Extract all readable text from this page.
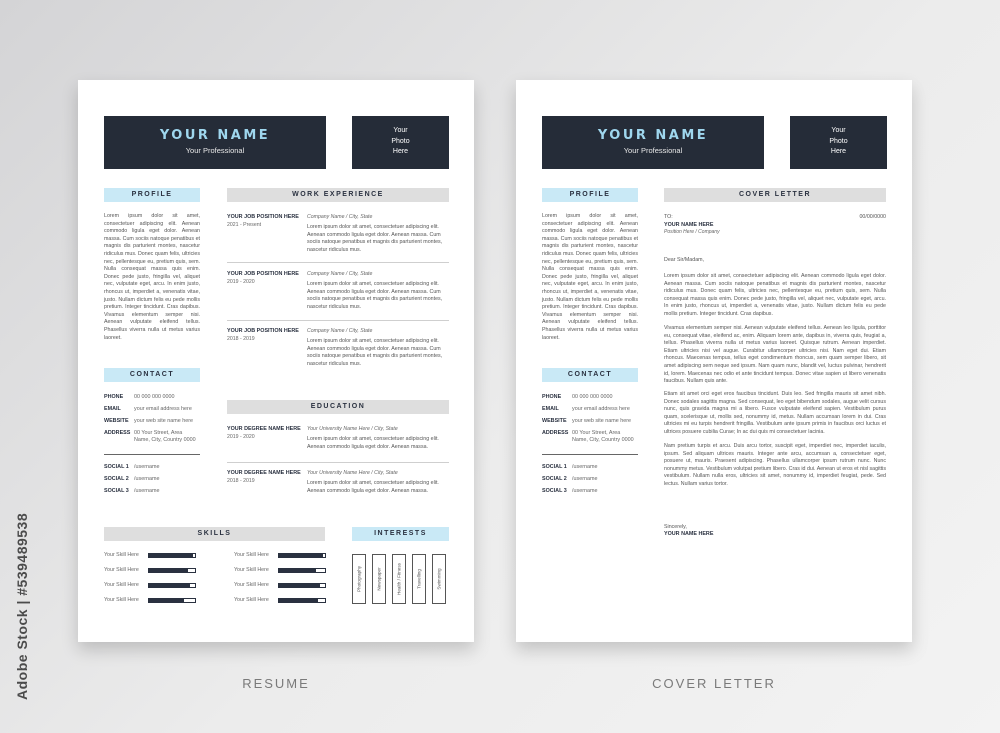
Adobe Stock | #539489538
YOUR NAME
Your Professional
Your
Photo
Here
PROFILE
Lorem ipsum dolor sit amet, consectetuer adipiscing elit. Aenean commodo ligula eget dolor. Aenean massa. Cum sociis natoque penatibus et magnis dis parturient montes, nascetur ridiculus mus. Donec quam felis, ultricies nec, pellentesque eu, pretium quis, sem. Nulla consequat massa quis enim. Donec pede justo, fringilla vel, aliquet nec, vulputate eget, arcu. In enim justo, rhoncus ut, imperdiet a, venenatis vitae, justo. Nullam dictum felis eu pede mollis pretium. Integer tincidunt. Cras dapibus. Vivamus elementum semper nisi. Aenean vulputate eleifend tellus. Phasellus viverra nulla ut metus varius laoreet.
CONTACT
PHONE 00 000 000 0000
EMAIL your email address here
WEBSITE your web site name here
ADDRESS 00 Your Street, Area Name, City, Country 0000
SOCIAL 1 /username
SOCIAL 2 /username
SOCIAL 3 /username
WORK EXPERIENCE
YOUR JOB POSITION HERE
2021 - Present
Company Name / City, State
Lorem ipsum dolor sit amet, consectetuer adipiscing elit. Aenean commodo ligula eget dolor. Aenean massa. Cum sociis natoque penatibus et magnis dis parturient montes, nascetur ridiculus mus.
YOUR JOB POSITION HERE
2019 - 2020
Company Name / City, State
Lorem ipsum dolor sit amet, consectetuer adipiscing elit. Aenean commodo ligula eget dolor. Aenean massa. Cum sociis natoque penatibus et magnis dis parturient montes, nascetur ridiculus mus.
YOUR JOB POSITION HERE
2018 - 2019
Company Name / City, State
Lorem ipsum dolor sit amet, consectetuer adipiscing elit. Aenean commodo ligula eget dolor. Aenean massa. Cum sociis natoque penatibus et magnis dis parturient montes, nascetur ridiculus mus.
EDUCATION
YOUR DEGREE NAME HERE
2019 - 2020
Your University Name Here / City, State
Lorem ipsum dolor sit amet, consectetuer adipiscing elit. Aenean commodo ligula eget dolor. Aenean massa.
YOUR DEGREE NAME HERE
2018 - 2019
Your University Name Here / City, State
Lorem ipsum dolor sit amet, consectetuer adipiscing elit. Aenean commodo ligula eget dolor. Aenean massa.
SKILLS
Your Skill Here
Your Skill Here
Your Skill Here
Your Skill Here
Your Skill Here
Your Skill Here
Your Skill Here
Your Skill Here
INTERESTS
Photography	Newspaper	Health / Fitness	Travelling	Swimming
YOUR NAME
Your Professional
Your
Photo
Here
PROFILE
Lorem ipsum dolor sit amet, consectetuer adipiscing elit. Aenean commodo ligula eget dolor. Aenean massa. Cum sociis natoque penatibus et magnis dis parturient montes, nascetur ridiculus mus. Donec quam felis, ultricies nec, pellentesque eu, pretium quis, sem. Nulla consequat massa quis enim. Donec pede justo, fringilla vel, aliquet nec, vulputate eget, arcu. In enim justo, rhoncus ut, imperdiet a, venenatis vitae, justo. Nullam dictum felis eu pede mollis pretium. Integer tincidunt. Cras dapibus. Vivamus elementum semper nisi. Aenean vulputate eleifend tellus. Phasellus viverra nulla ut metus varius laoreet.
CONTACT
PHONE 00 000 000 0000
EMAIL your email address here
WEBSITE your web site name here
ADDRESS 00 Your Street, Area Name, City, Country 0000
SOCIAL 1 /username
SOCIAL 2 /username
SOCIAL 3 /username
COVER LETTER
TO:	00/00/0000
YOUR NAME HERE
Position Here / Company
Dear Sir/Madam,
Lorem ipsum dolor sit amet, consectetuer adipiscing elit. Aenean commodo ligula eget dolor. Aenean massa. Cum sociis natoque penatibus et magnis dis parturient montes, nascetur ridiculus mus. Donec quam felis, ultricies nec, pellentesque eu, pretium quis, sem. Nulla consequat massa quis enim. Donec pede justo, fringilla vel, aliquet nec, vulputate eget, arcu. In enim justo, rhoncus ut, imperdiet a, venenatis vitae, justo. Nullam dictum felis eu pede mollis pretium. Integer tincidunt. Cras dapibus.
Vivamus elementum semper nisi. Aenean vulputate eleifend tellus. Aenean leo ligula, porttitor eu, consequat vitae, eleifend ac, enim. Aliquam lorem ante, dapibus in, viverra quis, feugiat a, tellus. Phasellus viverra nulla ut metus varius laoreet. Quisque rutrum. Aenean imperdiet. Etiam ultricies nisi vel augue. Curabitur ullamcorper ultricies nisi. Nam eget dui. Etiam rhoncus. Maecenas tempus, tellus eget condimentum rhoncus, sem quam semper libero, sit amet adipiscing sem neque sed ipsum. Nam quam nunc, blandit vel, luctus pulvinar, hendrerit id, lorem. Maecenas nec odio et ante tincidunt tempus. Donec vitae sapien ut libero venenatis faucibus. Nullam quis ante.
Etiam sit amet orci eget eros faucibus tincidunt. Duis leo. Sed fringilla mauris sit amet nibh. Donec sodales sagittis magna. Sed consequat, leo eget bibendum sodales, augue velit cursus nunc, quis gravida magna mi a libero. Fusce vulputate eleifend sapien. Vestibulum purus quam, scelerisque ut, mollis sed, nonummy id, metus. Nullam accumsan lorem in dui. Cras ultricies mi eu turpis hendrerit fringilla. Vestibulum ante ipsum primis in faucibus orci luctus et ultrices posuere cubilia Curae; In ac dui quis mi consectetuer lacinia.
Nam pretium turpis et arcu. Duis arcu tortor, suscipit eget, imperdiet nec, imperdiet iaculis, ipsum. Sed aliquam ultrices mauris. Integer ante arcu, accumsan a, consectetuer eget, posuere ut, mauris. Praesent adipiscing. Phasellus ullamcorper ipsum rutrum nunc. Nunc nonummy metus. Vestibulum volutpat pretium libero. Cras id dui. Aenean ut eros et nisl sagittis vestibulum. Nullam nulla eros, ultricies sit amet, nonummy id, imperdiet feugiat, pede. Sed lectus. Nullam varius tortor.
Sincerely,
YOUR NAME HERE
RESUME	COVER LETTER
